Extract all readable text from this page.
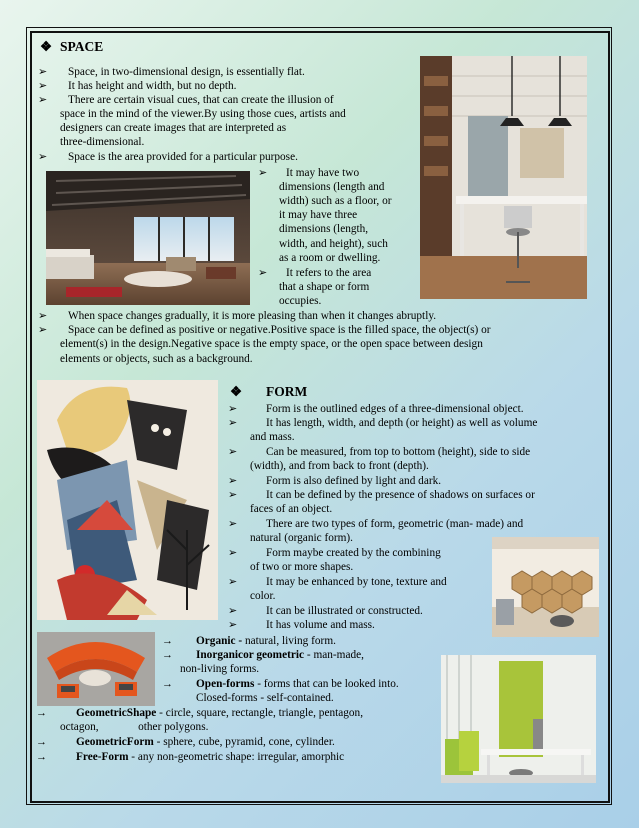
❖ SPACE
➢ Space, in two-dimensional design, is essentially flat.
➢ It has height and width, but no depth.
➢ There are certain visual cues, that can create the illusion of
space in the mind of the viewer.By using those cues, artists and
designers can create images that are interpreted as
three-dimensional.
➢ Space is the area provided for a particular purpose.
➢ It may have two
dimensions (length and
width) such as a floor, or
it may have three
dimensions (length,
width, and height), such
as a room or dwelling.
➢ It refers to the area
that a shape or form
occupies.
➢ When space changes gradually, it is more pleasing than when it changes abruptly.
➢ Space can be defined as positive or negative.Positive space is the filled space, the object(s) or
element(s) in the design.Negative space is the empty space, or the open space between design
elements or objects, such as a background.
❖ FORM
➢	Form is the outlined edges of a three-dimensional object.
➢	It has length, width, and depth (or height) as well as volume
and mass.
➢	Can be measured, from top to bottom (height), side to side
(width), and from back to front (depth).
➢	Form is also defined by light and dark.
➢	It can be defined by the presence of shadows on surfaces or
faces of an object.
➢	There are two types of form, geometric (man- made) and
natural (organic form).
➢	Form maybe created by the combining
of two or more shapes.
➢	It may be enhanced by tone, texture and
color.
➢	It can be illustrated or constructed.
➢	It has volume and mass.
→ Organic - natural, living form.
→ Inorganicor geometric - man-made,
non-living forms.
→ Open-forms - forms that can be looked into.
Closed-forms - self-contained.
→	GeometricShape - circle, square, rectangle, triangle, pentagon,
octagon,              other polygons.
→	GeometricForm - sphere, cube, pyramid, cone, cylinder.
→	Free-Form - any non-geometric shape: irregular, amorphic
